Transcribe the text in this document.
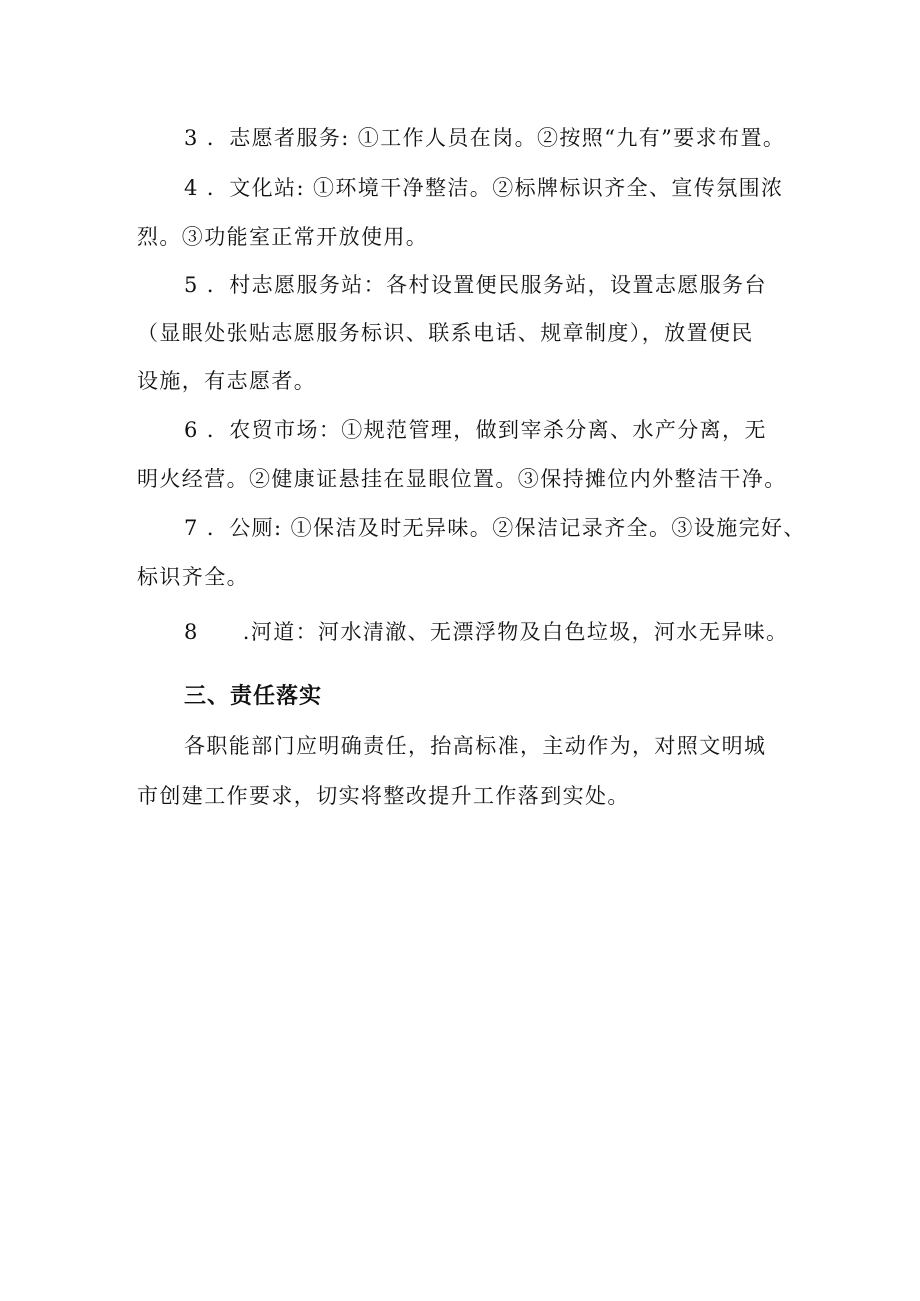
3 ．志愿者服务: ①工作人员在岗。②按照“九有”要求布置。
4 ．文化站: ①环境干净整洁。②标牌标识齐全、宣传氛围浓
烈。③功能室正常开放使用。
5 ．村志愿服务站：各村设置便民服务站，设置志愿服务台
（显眼处张贴志愿服务标识、联系电话、规章制度），放置便民
设施，有志愿者。
6 ．农贸市场：①规范管理，做到宰杀分离、水产分离，无
明火经营。②健康证悬挂在显眼位置。③保持摊位内外整洁干净。
7 ．公厕: ①保洁及时无异味。②保洁记录齐全。③设施完好、
标识齐全。
8 .河道：河水清澈、无漂浮物及白色垃圾，河水无异味。
三、责任落实
各职能部门应明确责任，抬高标准，主动作为，对照文明城
市创建工作要求，切实将整改提升工作落到实处。
